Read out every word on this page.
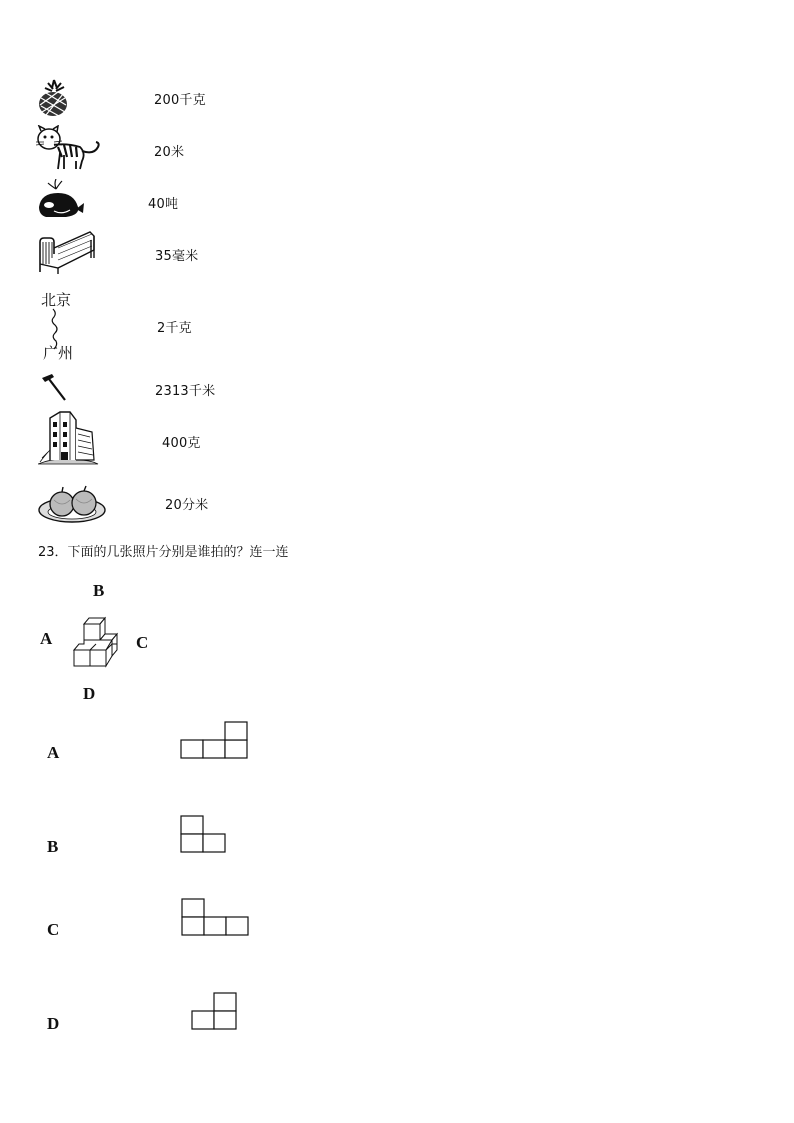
200千克
20米
40吨
35毫米
北京
广州
2千克
2313千米
400克
20分米
23．下面的几张照片分别是谁拍的？连一连
B
A	C
D
A
B
C
D
